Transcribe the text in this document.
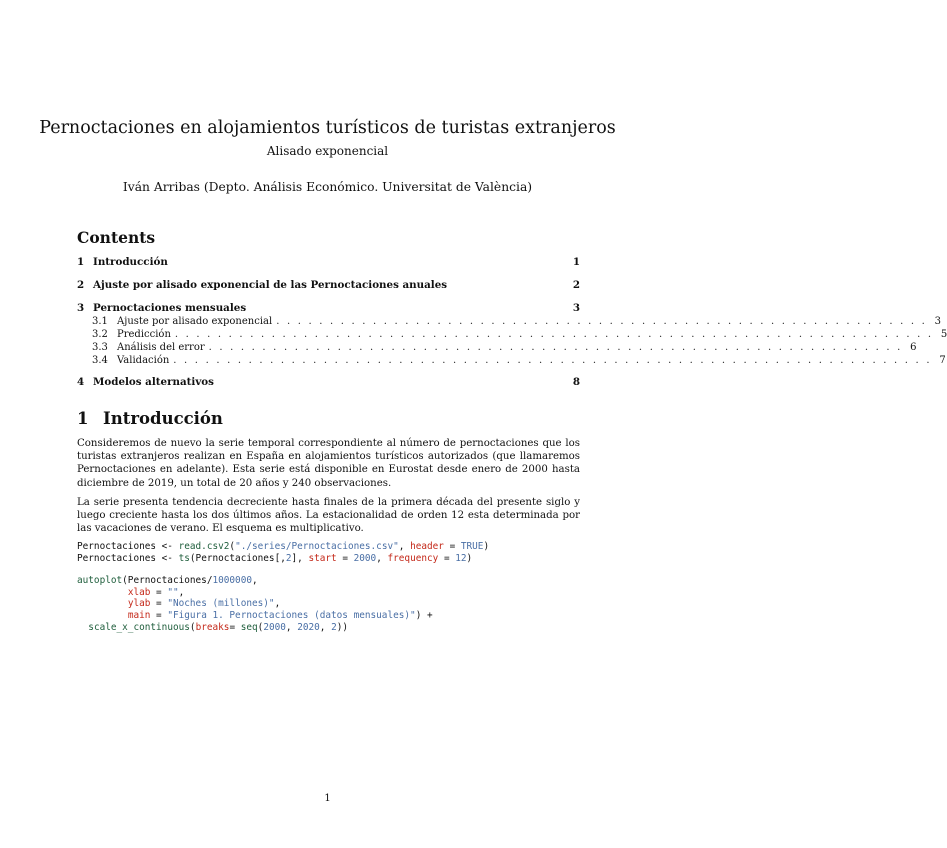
Pernoctaciones en alojamientos turísticos de turistas extranjeros
Alisado exponencial
Iván Arribas (Depto. Análisis Económico. Universitat de València)
Contents
1 Introducción	1
2 Ajuste por alisado exponencial de las Pernoctaciones anuales	2
3 Pernoctaciones mensuales	3
3.1 Ajuste por alisado exponencial . . . . . . . . . . . . . . . . . . . . . . . . . . . . . . . . . . . . . . . . . . . . . . . . . . . . . . . . . . . . . 3
3.2 Predicción . . . . . . . . . . . . . . . . . . . . . . . . . . . . . . . . . . . . . . . . . . . . . . . . . . . . . . . . . . . . . . . . . . . . . . . 5
3.3 Análisis del error . . . . . . . . . . . . . . . . . . . . . . . . . . . . . . . . . . . . . . . . . . . . . . . . . . . . . . . . . . . . . . . . . 6
3.4 Validación . . . . . . . . . . . . . . . . . . . . . . . . . . . . . . . . . . . . . . . . . . . . . . . . . . . . . . . . . . . . . . . . . . . . . . . 7
4 Modelos alternativos	8
1 Introducción
Consideremos de nuevo la serie temporal correspondiente al número de pernoctaciones que los turistas extranjeros realizan en España en alojamientos turísticos autorizados (que llamaremos Pernoctaciones en adelante). Esta serie está disponible en Eurostat desde enero de 2000 hasta diciembre de 2019, un total de 20 años y 240 observaciones.
La serie presenta tendencia decreciente hasta finales de la primera década del presente siglo y luego creciente hasta los dos últimos años. La estacionalidad de orden 12 esta determinada por las vacaciones de verano. El esquema es multiplicativo.
Pernoctaciones <- read.csv2("./series/Pernoctaciones.csv", header = TRUE)
Pernoctaciones <- ts(Pernoctaciones[,2], start = 2000, frequency = 12)
autoplot(Pernoctaciones/1000000,
xlab = "",
ylab = "Noches (millones)",
main = "Figura 1. Pernoctaciones (datos mensuales)") +
scale_x_continuous(breaks= seq(2000, 2020, 2))
1
